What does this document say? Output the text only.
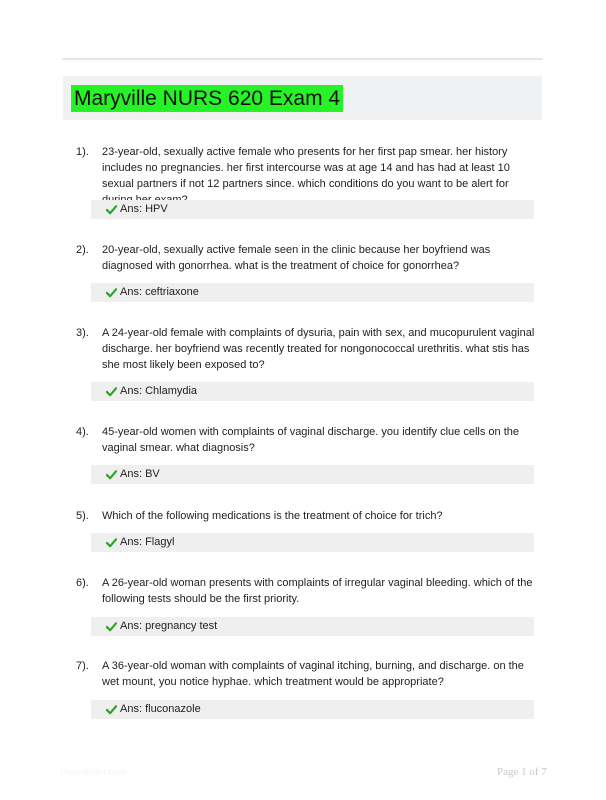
Maryville NURS 620 Exam 4
1). 23-year-old, sexually active female who presents for her first pap smear. her history includes no pregnancies. her first intercourse was at age 14 and has had at least 10 sexual partners if not 12 partners since. which conditions do you want to be alert for
Ans: HPV
2). 20-year-old, sexually active female seen in the clinic because her boyfriend was diagnosed with gonorrhea. what is the treatment of choice for gonorrhea?
Ans: ceftriaxone
3). A 24-year-old female with complaints of dysuria, pain with sex, and mucopurulent vaginal discharge. her boyfriend was recently treated for nongonococcal urethritis. what stis has she most likely been exposed to?
Ans: Chlamydia
4). 45-year-old women with complaints of vaginal discharge. you identify clue cells on the vaginal smear. what diagnosis?
Ans: BV
5). Which of the following medications is the treatment of choice for trich?
Ans: Flagyl
6). A 26-year-old woman presents with complaints of irregular vaginal bleeding. which of the following tests should be the first priority.
Ans: pregnancy test
7). A 36-year-old woman with complaints of vaginal itching, burning, and discharge. on the wet mount, you notice hyphae. which treatment would be appropriate?
Ans: fluconazole
Paperfinder.com	Page 1 of 7
